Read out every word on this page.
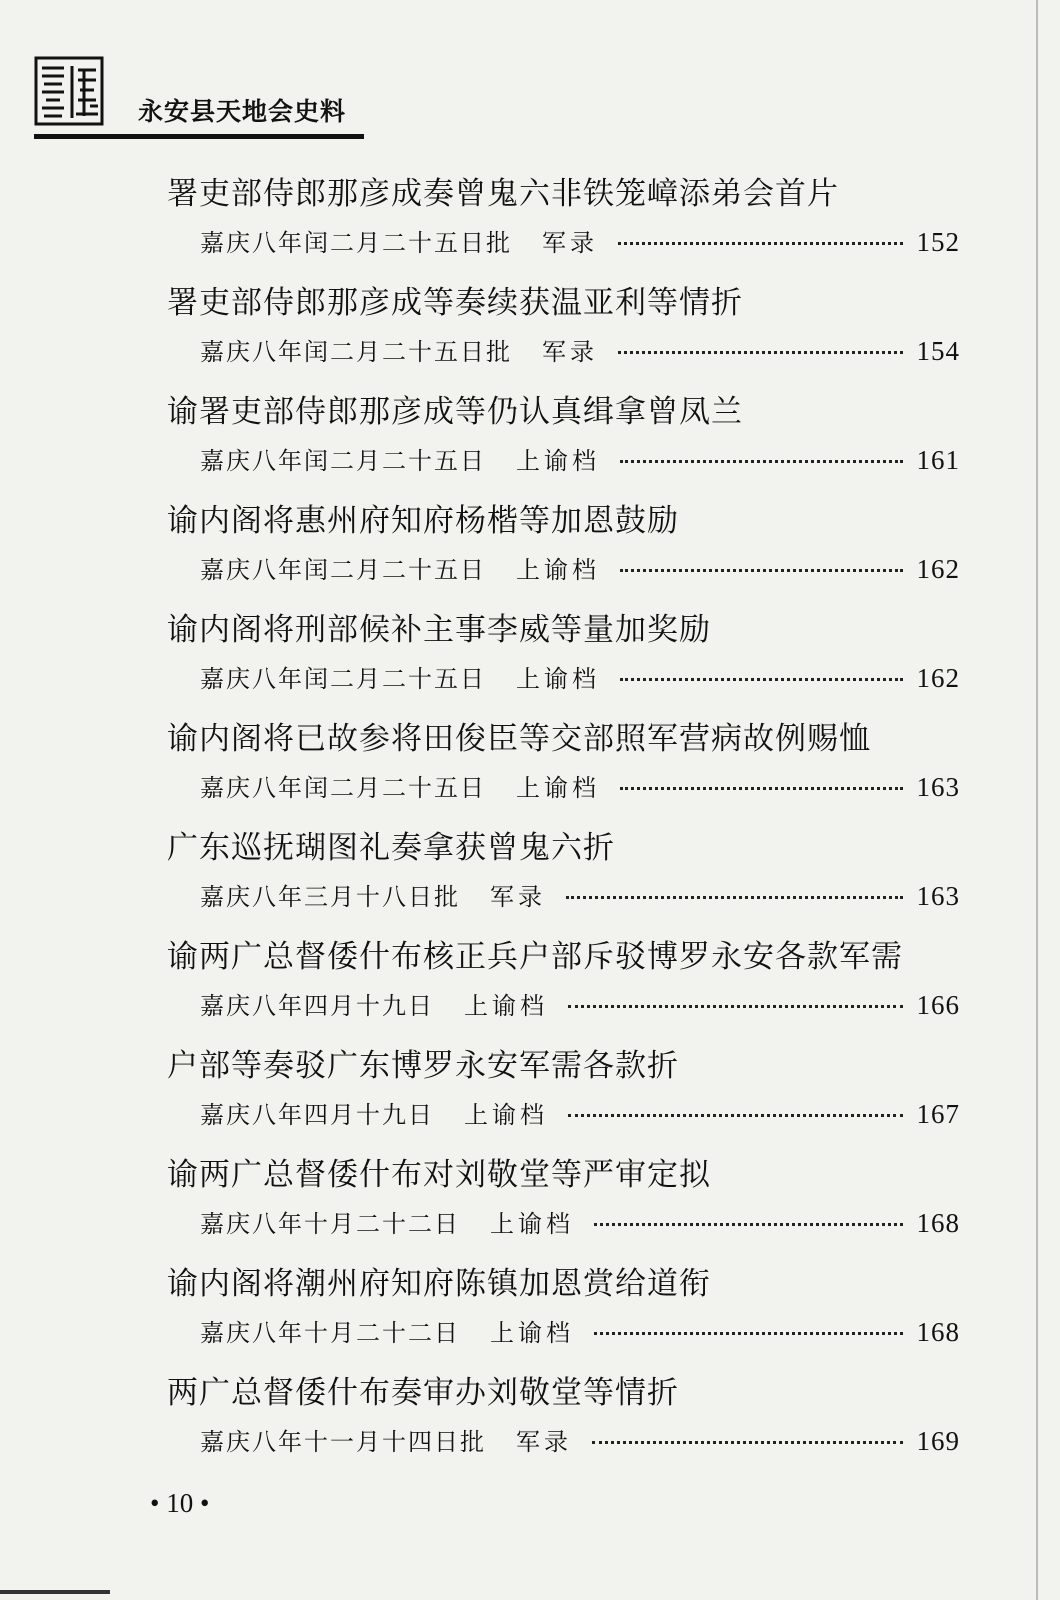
永安县天地会史料
署吏部侍郎那彦成奏曾鬼六非铁笼嶂添弟会首片
嘉庆八年闰二月二十五日批 军录	152
署吏部侍郎那彦成等奏续获温亚利等情折
嘉庆八年闰二月二十五日批 军录	154
谕署吏部侍郎那彦成等仍认真缉拿曾凤兰
嘉庆八年闰二月二十五日 上谕档	161
谕内阁将惠州府知府杨楷等加恩鼓励
嘉庆八年闰二月二十五日 上谕档	162
谕内阁将刑部候补主事李威等量加奖励
嘉庆八年闰二月二十五日 上谕档	162
谕内阁将已故参将田俊臣等交部照军营病故例赐恤
嘉庆八年闰二月二十五日 上谕档	163
广东巡抚瑚图礼奏拿获曾鬼六折
嘉庆八年三月十八日批 军录	163
谕两广总督倭什布核正兵户部斥驳博罗永安各款军需
嘉庆八年四月十九日 上谕档	166
户部等奏驳广东博罗永安军需各款折
嘉庆八年四月十九日 上谕档	167
谕两广总督倭什布对刘敬堂等严审定拟
嘉庆八年十月二十二日 上谕档	168
谕内阁将潮州府知府陈镇加恩赏给道衔
嘉庆八年十月二十二日 上谕档	168
两广总督倭什布奏审办刘敬堂等情折
嘉庆八年十一月十四日批 军录	169
• 10 •
